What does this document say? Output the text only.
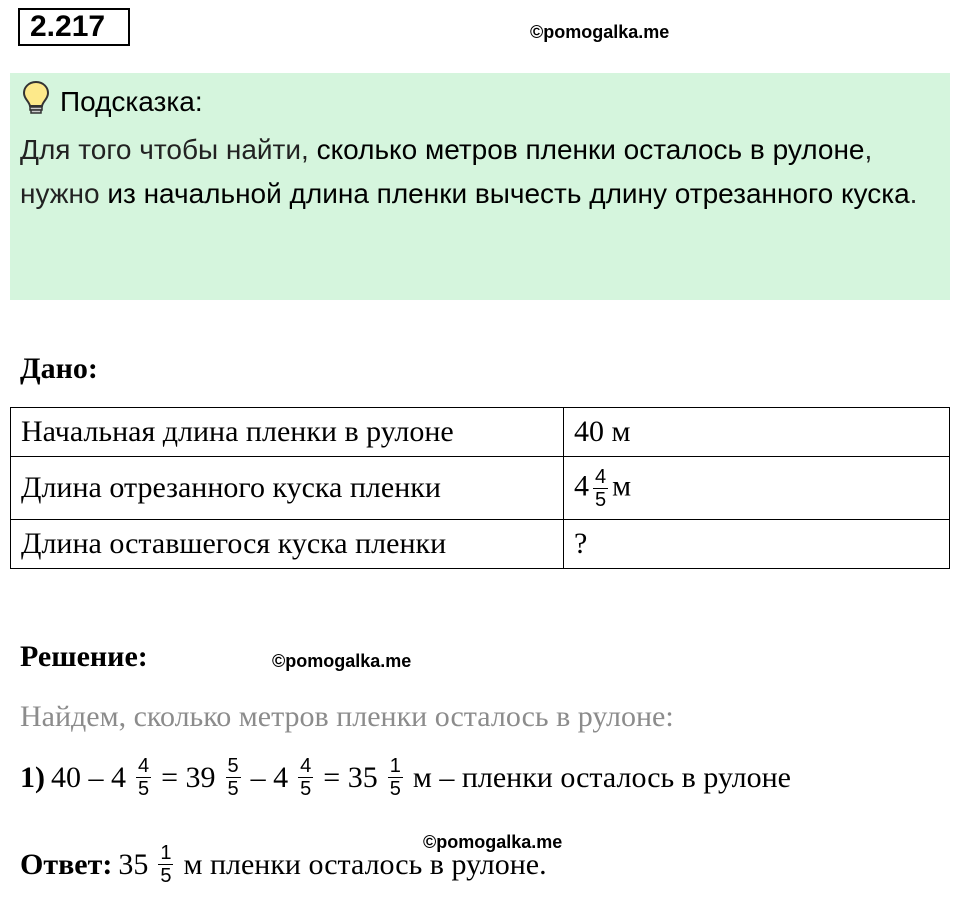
2.217	©pomogalka.me
Подсказка:
Для того чтобы найти, сколько метров пленки осталось в рулоне, нужно из начальной длина пленки вычесть длину отрезанного куска.
Дано:
Начальная длина пленки в рулоне	40 м
Длина отрезанного куска пленки	$4 \frac{4}{5}$ м
Длина оставшегося куска пленки	?
Решение:	©pomogalka.me
Найдем, сколько метров пленки осталось в рулоне:
1) $40 - 4 \frac{4}{5} = 39 \frac{5}{5} - 4 \frac{4}{5} = 35 \frac{1}{5}$ м – пленки осталось в рулоне
©pomogalka.me
Ответ: $35 \frac{1}{5}$ м пленки осталось в рулоне.
